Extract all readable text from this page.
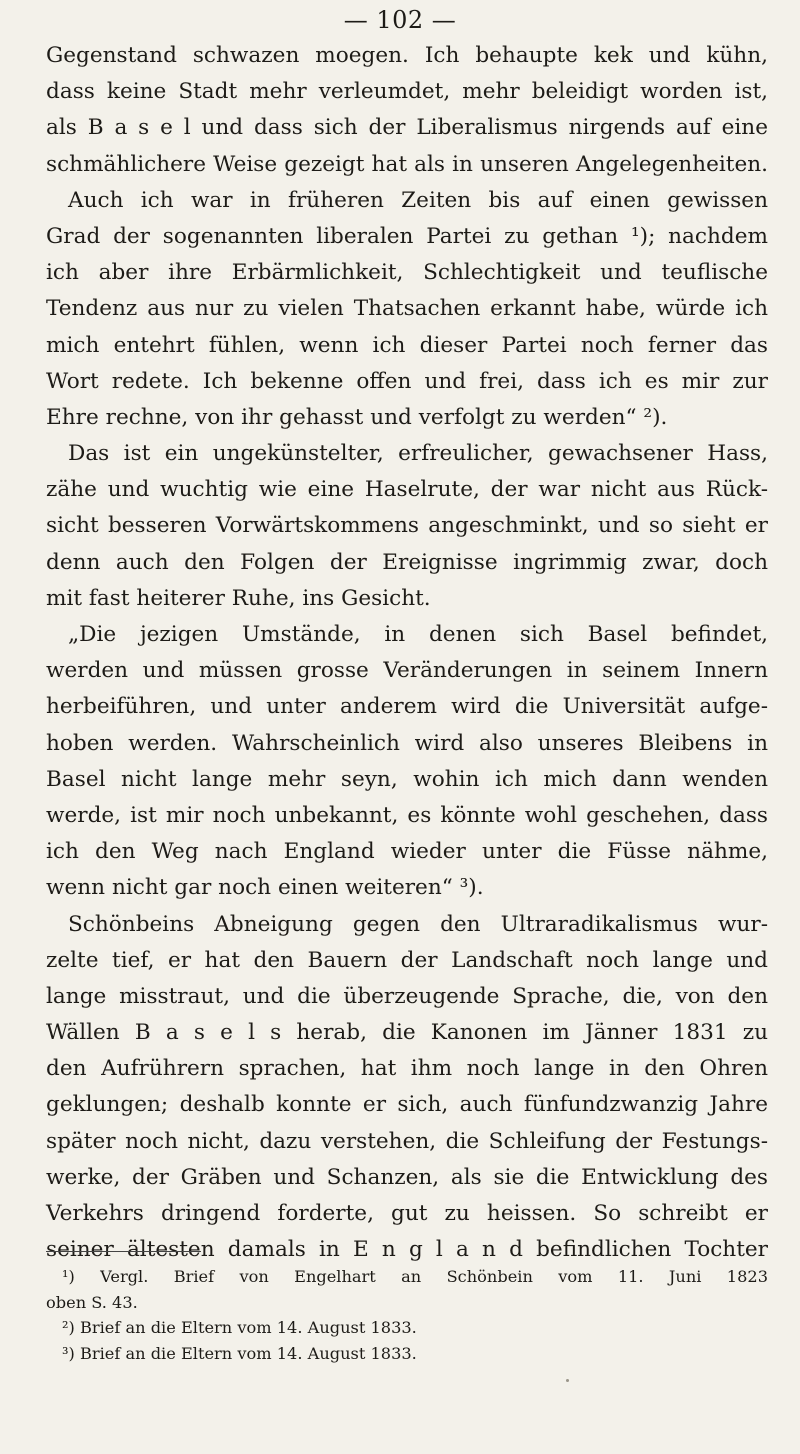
— 102 —
Gegenstand schwazen moegen. Ich behaupte kek und kühn,
dass keine Stadt mehr verleumdet, mehr beleidigt worden ist,
als B a s e l und dass sich der Liberalismus nirgends auf eine
schmählichere Weise gezeigt hat als in unseren Angelegenheiten.
Auch ich war in früheren Zeiten bis auf einen gewissen
Grad der sogenannten liberalen Partei zu gethan ¹); nachdem
ich aber ihre Erbärmlichkeit, Schlechtigkeit und teuflische
Tendenz aus nur zu vielen Thatsachen erkannt habe, würde ich
mich entehrt fühlen, wenn ich dieser Partei noch ferner das
Wort redete. Ich bekenne offen und frei, dass ich es mir zur
Ehre rechne, von ihr gehasst und verfolgt zu werden“ ²).
Das ist ein ungekünstelter, erfreulicher, gewachsener Hass,
zähe und wuchtig wie eine Haselrute, der war nicht aus Rück-
sicht besseren Vorwärtskommens angeschminkt, und so sieht er
denn auch den Folgen der Ereignisse ingrimmig zwar, doch
mit fast heiterer Ruhe, ins Gesicht.
„Die jezigen Umstände, in denen sich Basel befindet,
werden und müssen grosse Veränderungen in seinem Innern
herbeiführen, und unter anderem wird die Universität aufge-
hoben werden. Wahrscheinlich wird also unseres Bleibens in
Basel nicht lange mehr seyn, wohin ich mich dann wenden
werde, ist mir noch unbekannt, es könnte wohl geschehen, dass
ich den Weg nach England wieder unter die Füsse nähme,
wenn nicht gar noch einen weiteren“ ³).
Schönbeins Abneigung gegen den Ultraradikalismus wur-
zelte tief, er hat den Bauern der Landschaft noch lange und
lange misstraut, und die überzeugende Sprache, die, von den
Wällen B a s e l s herab, die Kanonen im Jänner 1831 zu
den Aufrührern sprachen, hat ihm noch lange in den Ohren
geklungen; deshalb konnte er sich, auch fünfundzwanzig Jahre
später noch nicht, dazu verstehen, die Schleifung der Festungs-
werke, der Gräben und Schanzen, als sie die Entwicklung des
Verkehrs dringend forderte, gut zu heissen. So schreibt er
seiner ältesten damals in E n g l a n d befindlichen Tochter
¹) Vergl. Brief von Engelhart an Schönbein vom 11. Juni 1823
oben S. 43.
²) Brief an die Eltern vom 14. August 1833.
³) Brief an die Eltern vom 14. August 1833.
